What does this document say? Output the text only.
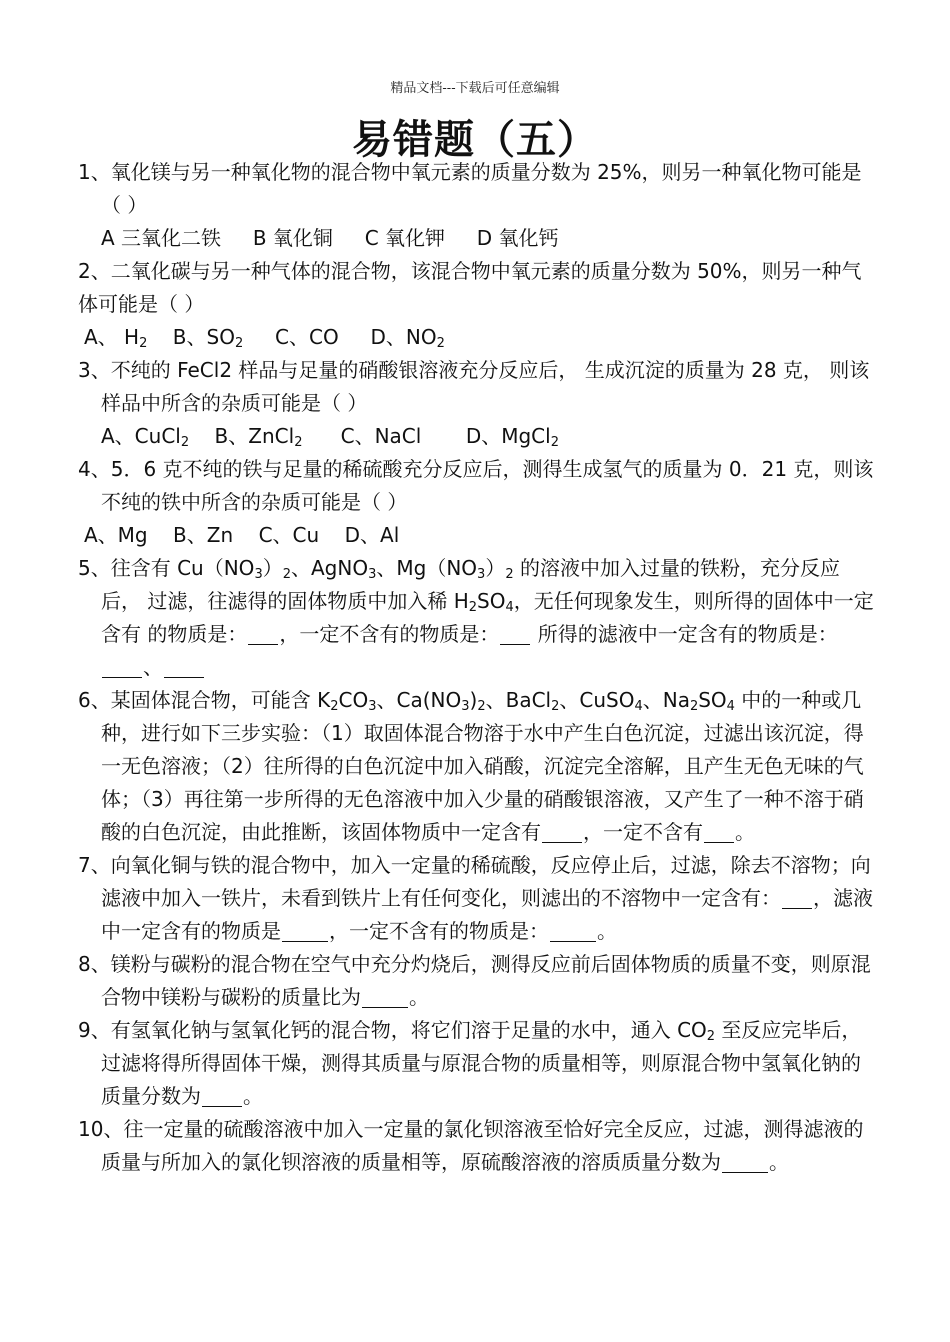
精品文档---下载后可任意编辑
易错题（五）
1、氧化镁与另一种氧化物的混合物中氧元素的质量分数为 25%，则另一种氧化物可能是（ ）
A 三氧化二铁     B 氧化铜     C 氧化钾     D 氧化钙
2、二氧化碳与另一种气体的混合物，该混合物中氧元素的质量分数为 50%，则另一种气体可能是（ ）
A、 $H_2$    B、$SO_2$     C、CO     D、$NO_2$
3、不纯的 FeCl2 样品与足量的硝酸银溶液充分反应后， 生成沉淀的质量为 28 克， 则该样品中所含的杂质可能是（ ）
A、CuCl$_2$    B、ZnCl$_2$      C、NaCl       D、MgCl$_2$
4、5．6 克不纯的铁与足量的稀硫酸充分反应后，测得生成氢气的质量为 0．21 克，则该不纯的铁中所含的杂质可能是（ ）
A、Mg    B、Zn    C、Cu    D、Al
5、往含有 $Cu(NO_3)_2$、AgNO$_3$、$Mg(NO_3)_2$ 的溶液中加入过量的铁粉，充分反应后， 过滤，往滤得的固体物质中加入稀 $H_2SO_4$，无任何现象发生，则所得的固体中一定含有 的物质是： ，一定不含有的物质是： 所得的滤液中一定含有的物质是：、
6、某固体混合物，可能含 $K_2CO_3$、$Ca(NO_3)_2$、BaCl$_2$、CuSO$_4$、$Na_2SO_4$ 中的一种或几种，进行如下三步实验：（1）取固体混合物溶于水中产生白色沉淀，过滤出该沉淀，得一无色溶液；（2）往所得的白色沉淀中加入硝酸，沉淀完全溶解，且产生无色无味的气体；（3）再往第一步所得的无色溶液中加入少量的硝酸银溶液，又产生了一种不溶于硝酸的白色沉淀，由此推断，该固体物质中一定含有 ，一定不含有 。
7、向氧化铜与铁的混合物中，加入一定量的稀硫酸，反应停止后，过滤，除去不溶物；向滤液中加入一铁片，未看到铁片上有任何变化，则滤出的不溶物中一定含有： ，滤液中一定含有的物质是 ，一定不含有的物质是： 。
8、镁粉与碳粉的混合物在空气中充分灼烧后，测得反应前后固体物质的质量不变，则原混合物中镁粉与碳粉的质量比为 。
9、有氢氧化钠与氢氧化钙的混合物，将它们溶于足量的水中，通入 $CO_2$ 至反应完毕后，过滤将得所得固体干燥，测得其质量与原混合物的质量相等，则原混合物中氢氧化钠的质量分数为 。
10、往一定量的硫酸溶液中加入一定量的氯化钡溶液至恰好完全反应，过滤，测得滤液的 质量与所加入的氯化钡溶液的质量相等，原硫酸溶液的溶质质量分数为 。
